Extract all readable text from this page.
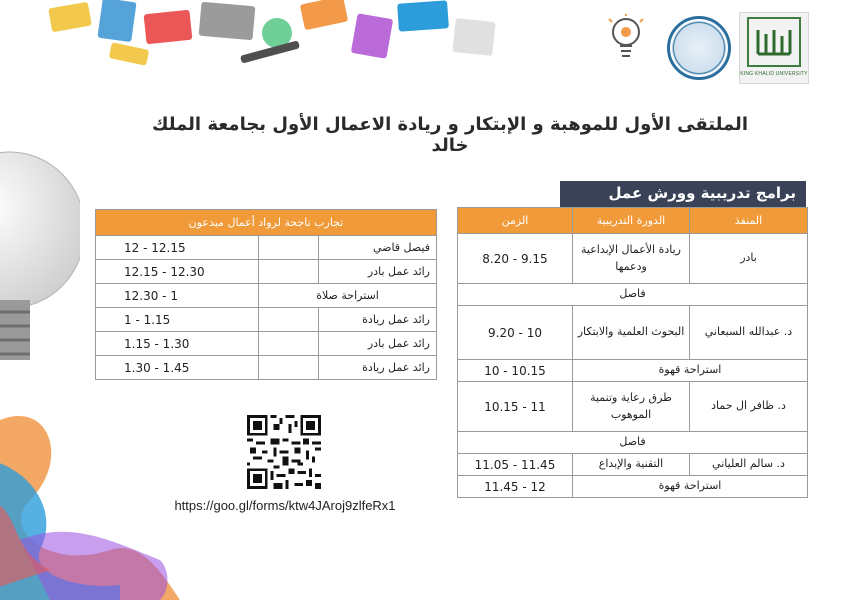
KING KHALID UNIVERSITY
الملتقى الأول للموهبة و الإبتكار و ريادة الاعمال الأول بجامعة الملك خالد
برامج تدريبية وورش عمل
المنفذ	الدورة التدريبية	الزمن
بادر	ريادة الأعمال الإبداعية ودعمها	8.20 - 9.15
فاصل		
د. عبدالله السبعاني	البحوث العلمية والابتكار	9.20 - 10
استراحة قهوة		10 - 10.15
د. ظافر ال حماد	طرق رعاية وتنمية الموهوب	10.15 - 11
فاصل		
د. سالم العلياني	التقنية والإبداع	11.05 - 11.45
استراحة قهوة		11.45 - 12
تجارب ناجحة لرواد أعمال مبدعون		
فيصل قاضي		12 - 12.15
رائد عمل بادر		12.15 - 12.30
استراحة صلاة		12.30 - 1
رائد عمل ريادة		1 - 1.15
رائد عمل بادر		1.15 - 1.30
رائد عمل ريادة		1.30 - 1.45
https://goo.gl/forms/ktw4JAroj9zlfeRx1
